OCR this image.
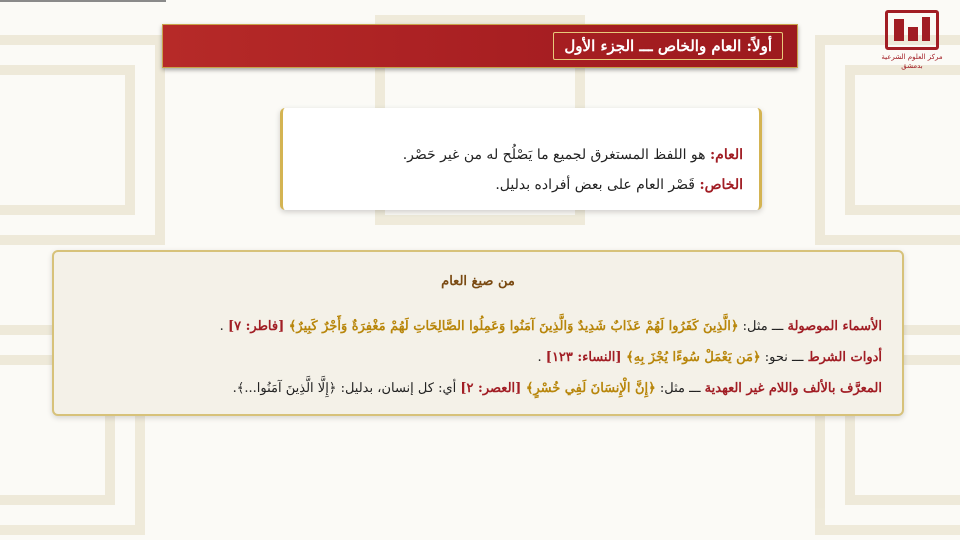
مركز العلوم الشرعية
بدمشق
أولاً: العام والخاص ـــ الجزء الأول
العام: هو اللفظ المستغرق لجميع ما يَصْلُح له من غير حَصْر.
الخاص: قَصْر العام على بعض أفراده بدليل.
من صيغ العام
الأسماء الموصولة ـــ مثل: ﴿الَّذِينَ كَفَرُوا لَهُمْ عَذَابٌ شَدِيدٌ وَالَّذِينَ آمَنُوا وَعَمِلُوا الصَّالِحَاتِ لَهُمْ مَغْفِرَةٌ وَأَجْرٌ كَبِيرٌ﴾ [فاطر: ٧] .
أدوات الشرط ـــ نحو: ﴿مَن يَعْمَلْ سُوءًا يُجْزَ بِهِ﴾ [النساء: ١٢٣] .
المعرَّف بالألف واللام غير العهدية ـــ مثل: ﴿إِنَّ الْإِنسَانَ لَفِي خُسْرٍ﴾ [العصر: ٢] أي: كل إنسان، بدليل: ﴿إِلَّا الَّذِينَ آمَنُوا...﴾.
